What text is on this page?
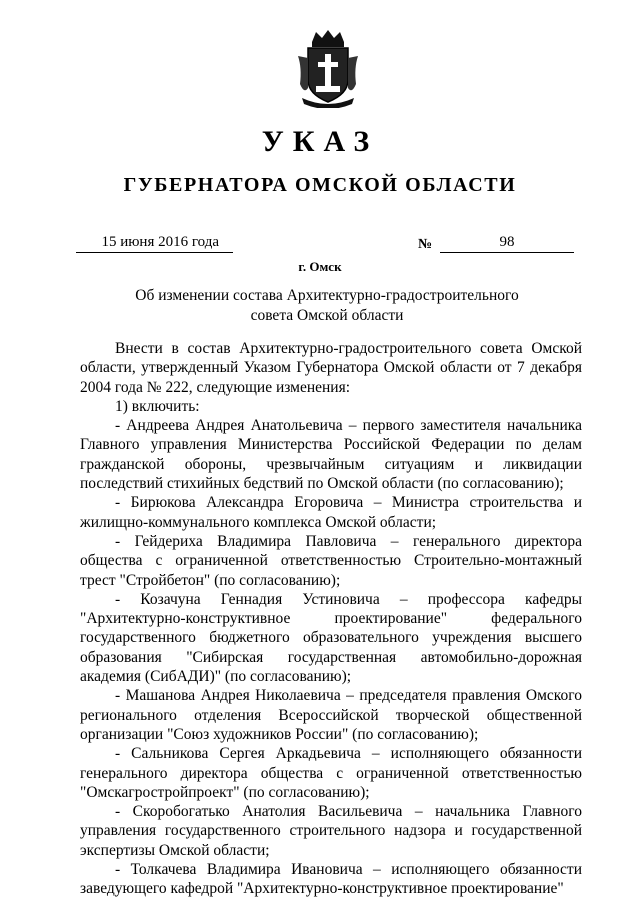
УКАЗ
ГУБЕРНАТОРА ОМСКОЙ ОБЛАСТИ
15 июня 2016 года	№	98
г. Омск
Об изменении состава Архитектурно-градостроительного
совета Омской области

Внести в состав Архитектурно-градостроительного совета Омской области, утвержденный Указом Губернатора Омской области от 7 декабря 2004 года № 222, следующие изменения:

1) включить:

- Андреева Андрея Анатольевича – первого заместителя начальника Главного управления Министерства Российской Федерации по делам гражданской обороны, чрезвычайным ситуациям и ликвидации последствий стихийных бедствий по Омской области (по согласованию);

- Бирюкова Александра Егоровича – Министра строительства и жилищно-коммунального комплекса Омской области;

- Гейдериха Владимира Павловича – генерального директора общества с ограниченной ответственностью Строительно-монтажный трест "Стройбетон" (по согласованию);

- Козачуна Геннадия Устиновича – профессора кафедры "Архитектурно-конструктивное проектирование" федерального государственного бюджетного образовательного учреждения высшего образования "Сибирская государственная автомобильно-дорожная академия (СибАДИ)" (по согласованию);

- Машанова Андрея Николаевича – председателя правления Омского регионального отделения Всероссийской творческой общественной организации "Союз художников России" (по согласованию);

- Сальникова Сергея Аркадьевича – исполняющего обязанности генерального директора общества с ограниченной ответственностью "Омскагростройпроект" (по согласованию);

- Скоробогатько Анатолия Васильевича – начальника Главного управления государственного строительного надзора и государственной экспертизы Омской области;

- Толкачева Владимира Ивановича – исполняющего обязанности заведующего кафедрой "Архитектурно-конструктивное проектирование"
